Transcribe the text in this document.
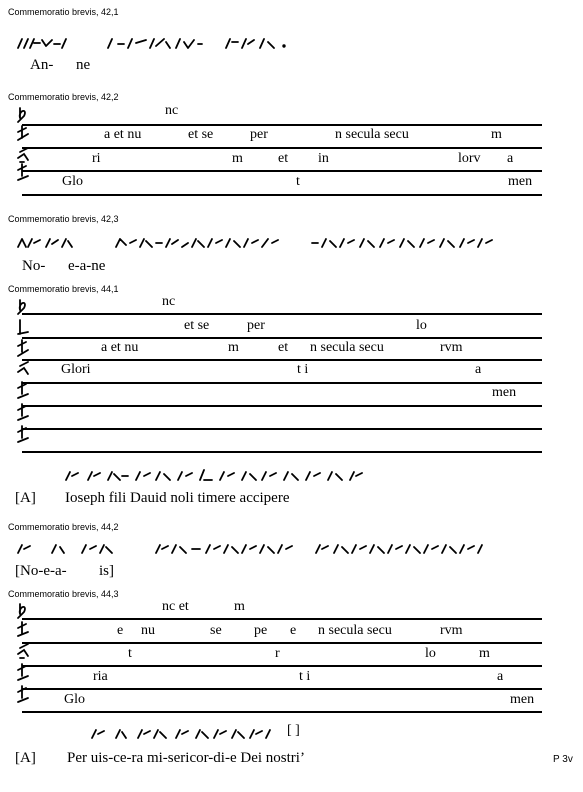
Commemoratio brevis, 42,1
An- ne
Commemoratio brevis, 42,2
nc
a et nu	et se	per	n secula secu	m
ri	m	et in	lorv a
Glo	t	men
Commemoratio brevis, 42,3
No- e-a-ne
Commemoratio brevis, 44,1
nc
et se	per	lo
a et nu	m	et n secula secu	rvm
Glori	t i	a
men
[A] Ioseph fili Dauid noli timere accipere
Commemoratio brevis, 44,2
[No-e-a- is]
Commemoratio brevis, 44,3
nc et	m
e nu	se pe e n secula secu	rvm
t	r	lo	m
ria	t i	a
Glo	men
[ ]
[A] Per uis-ce-ra mi-sericor-di-e Dei nostri’	P 3v
